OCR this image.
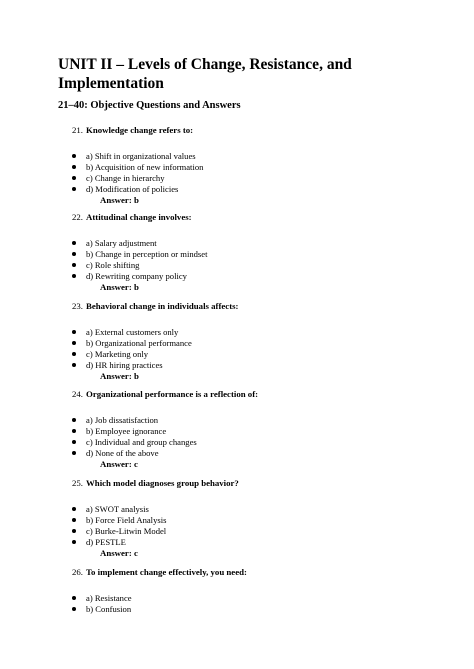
UNIT II – Levels of Change, Resistance, and Implementation
21–40: Objective Questions and Answers

21. Knowledge change refers to:

a) Shift in organizational values
b) Acquisition of new information
c) Change in hierarchy
d) Modification of policies
Answer: b

22. Attitudinal change involves:

a) Salary adjustment
b) Change in perception or mindset
c) Role shifting
d) Rewriting company policy
Answer: b

23. Behavioral change in individuals affects:

a) External customers only
b) Organizational performance
c) Marketing only
d) HR hiring practices
Answer: b

24. Organizational performance is a reflection of:

a) Job dissatisfaction
b) Employee ignorance
c) Individual and group changes
d) None of the above
Answer: c

25. Which model diagnoses group behavior?

a) SWOT analysis
b) Force Field Analysis
c) Burke-Litwin Model
d) PESTLE
Answer: c

26. To implement change effectively, you need:

a) Resistance
b) Confusion
